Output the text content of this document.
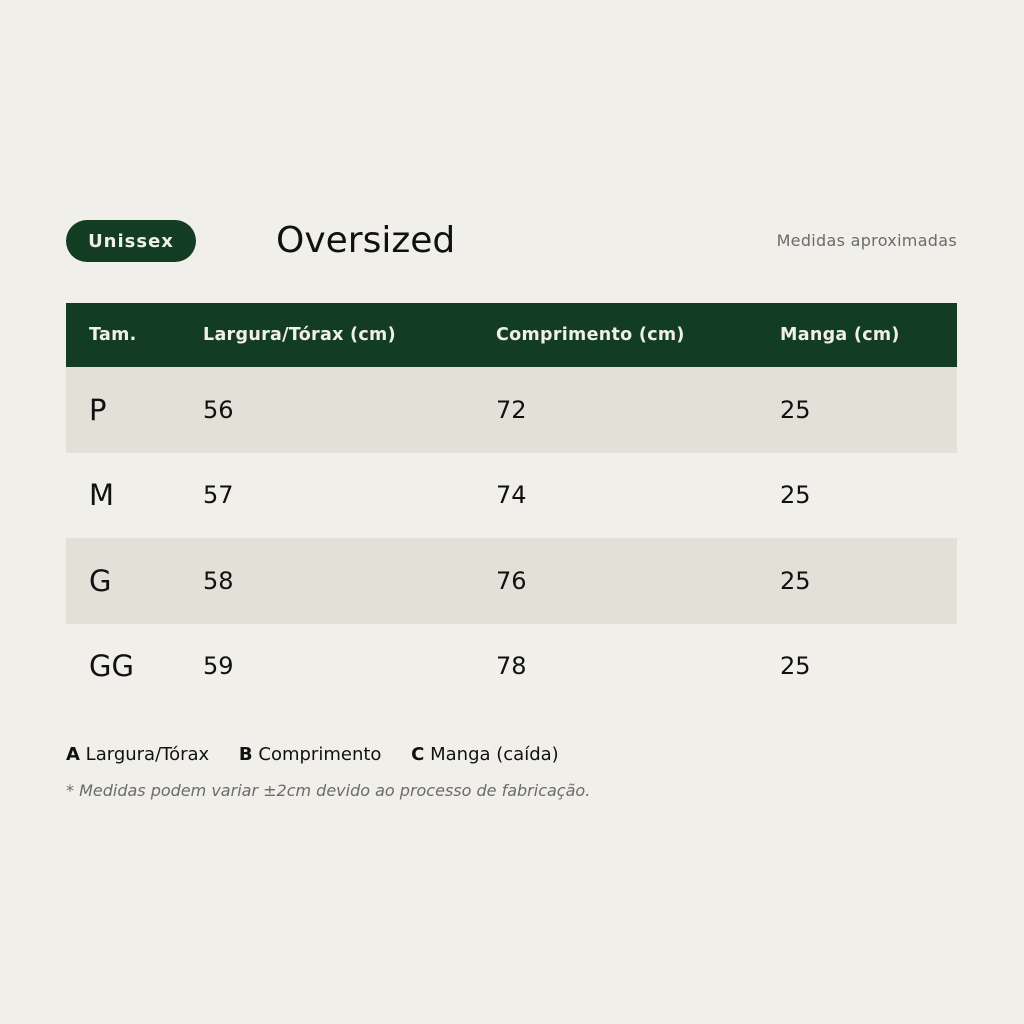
Unissex	Oversized	Medidas aproximadas
Tam.	Largura/Tórax (cm)	Comprimento (cm)	Manga (cm)
P	56	72	25
M	57	74	25
G	58	76	25
GG	59	78	25
A Largura/Tórax B Comprimento C Manga (caída)
* Medidas podem variar ±2cm devido ao processo de fabricação.
